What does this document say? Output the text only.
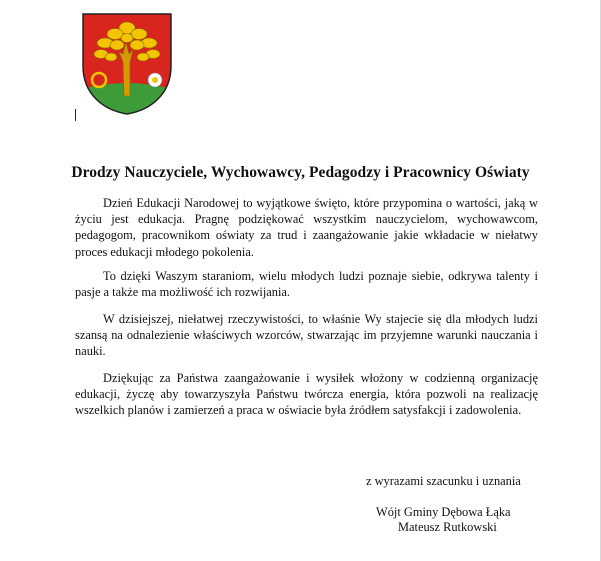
Drodzy Nauczyciele, Wychowawcy, Pedagodzy i Pracownicy Oświaty

Dzień Edukacji Narodowej to wyjątkowe święto, które przypomina o wartości, jaką w życiu jest edukacja. Pragnę podziękować wszystkim nauczycielom, wychowawcom, pedagogom, pracownikom oświaty za trud i zaangażowanie jakie wkładacie w niełatwy proces edukacji młodego pokolenia.

To dzięki Waszym staraniom, wielu młodych ludzi poznaje siebie, odkrywa talenty i pasje a także ma możliwość ich rozwijania.

W dzisiejszej, niełatwej rzeczywistości, to właśnie Wy stajecie się dla młodych ludzi szansą na odnalezienie właściwych wzorców, stwarzając im przyjemne warunki nauczania i nauki.

Dziękując za Państwa zaangażowanie i wysiłek włożony w codzienną organizację edukacji, życzę aby towarzyszyła Państwu twórcza energia, która pozwoli na realizację wszelkich planów i zamierzeń a praca w oświacie była źródłem satysfakcji i zadowolenia.

z wyrazami szacunku i uznania
Wójt Gminy Dębowa Łąka
Mateusz Rutkowski
